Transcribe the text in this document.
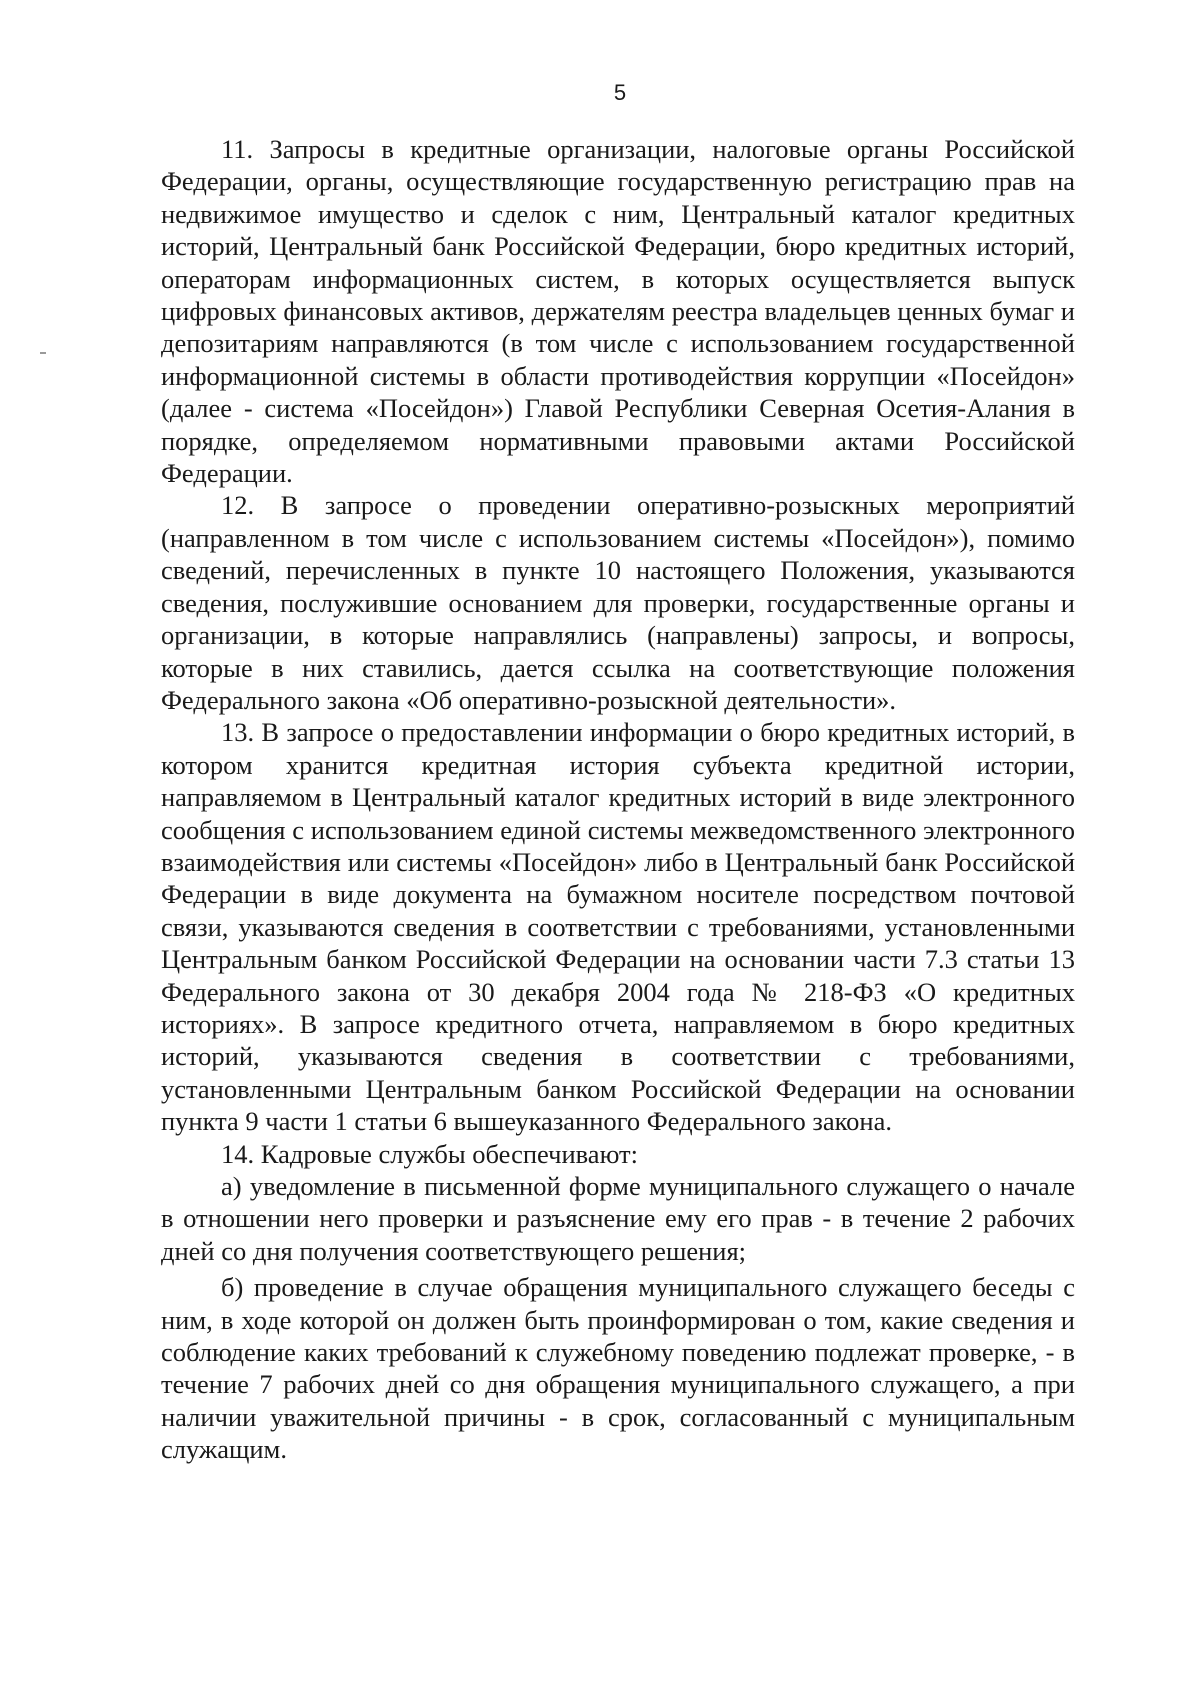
5

11. Запросы в кредитные организации, налоговые органы Российской Федерации, органы, осуществляющие государственную регистрацию прав на недвижимое имущество и сделок с ним, Центральный каталог кредитных историй, Центральный банк Российской Федерации, бюро кредитных историй, операторам информационных систем, в которых осуществляется выпуск цифровых финансовых активов, держателям реестра владельцев ценных бумаг и депозитариям направляются (в том числе с использованием государственной информационной системы в области противодействия коррупции «Посейдон» (далее - система «Посейдон») Главой Республики Северная Осетия-Алания в порядке, определяемом нормативными правовыми актами Российской Федерации.

12. В запросе о проведении оперативно-розыскных мероприятий (направленном в том числе с использованием системы «Посейдон»), помимо сведений, перечисленных в пункте 10 настоящего Положения, указываются сведения, послужившие основанием для проверки, государственные органы и организации, в которые направлялись (направлены) запросы, и вопросы, которые в них ставились, дается ссылка на соответствующие положения Федерального закона «Об оперативно-розыскной деятельности».

13. В запросе о предоставлении информации о бюро кредитных историй, в котором хранится кредитная история субъекта кредитной истории, направляемом в Центральный каталог кредитных историй в виде электронного сообщения с использованием единой системы межведомственного электронного взаимодействия или системы «Посейдон» либо в Центральный банк Российской Федерации в виде документа на бумажном носителе посредством почтовой связи, указываются сведения в соответствии с требованиями, установленными Центральным банком Российской Федерации на основании части 7.3 статьи 13 Федерального закона от 30 декабря 2004 года № 218-ФЗ «О кредитных историях». В запросе кредитного отчета, направляемом в бюро кредитных историй, указываются сведения в соответствии с требованиями, установленными Центральным банком Российской Федерации на основании пункта 9 части 1 статьи 6 вышеуказанного Федерального закона.

14. Кадровые службы обеспечивают:

а) уведомление в письменной форме муниципального служащего о начале в отношении него проверки и разъяснение ему его прав - в течение 2 рабочих дней со дня получения соответствующего решения;

б) проведение в случае обращения муниципального служащего беседы с ним, в ходе которой он должен быть проинформирован о том, какие сведения и соблюдение каких требований к служебному поведению подлежат проверке, - в течение 7 рабочих дней со дня обращения муниципального служащего, а при наличии уважительной причины - в срок, согласованный с муниципальным служащим.
